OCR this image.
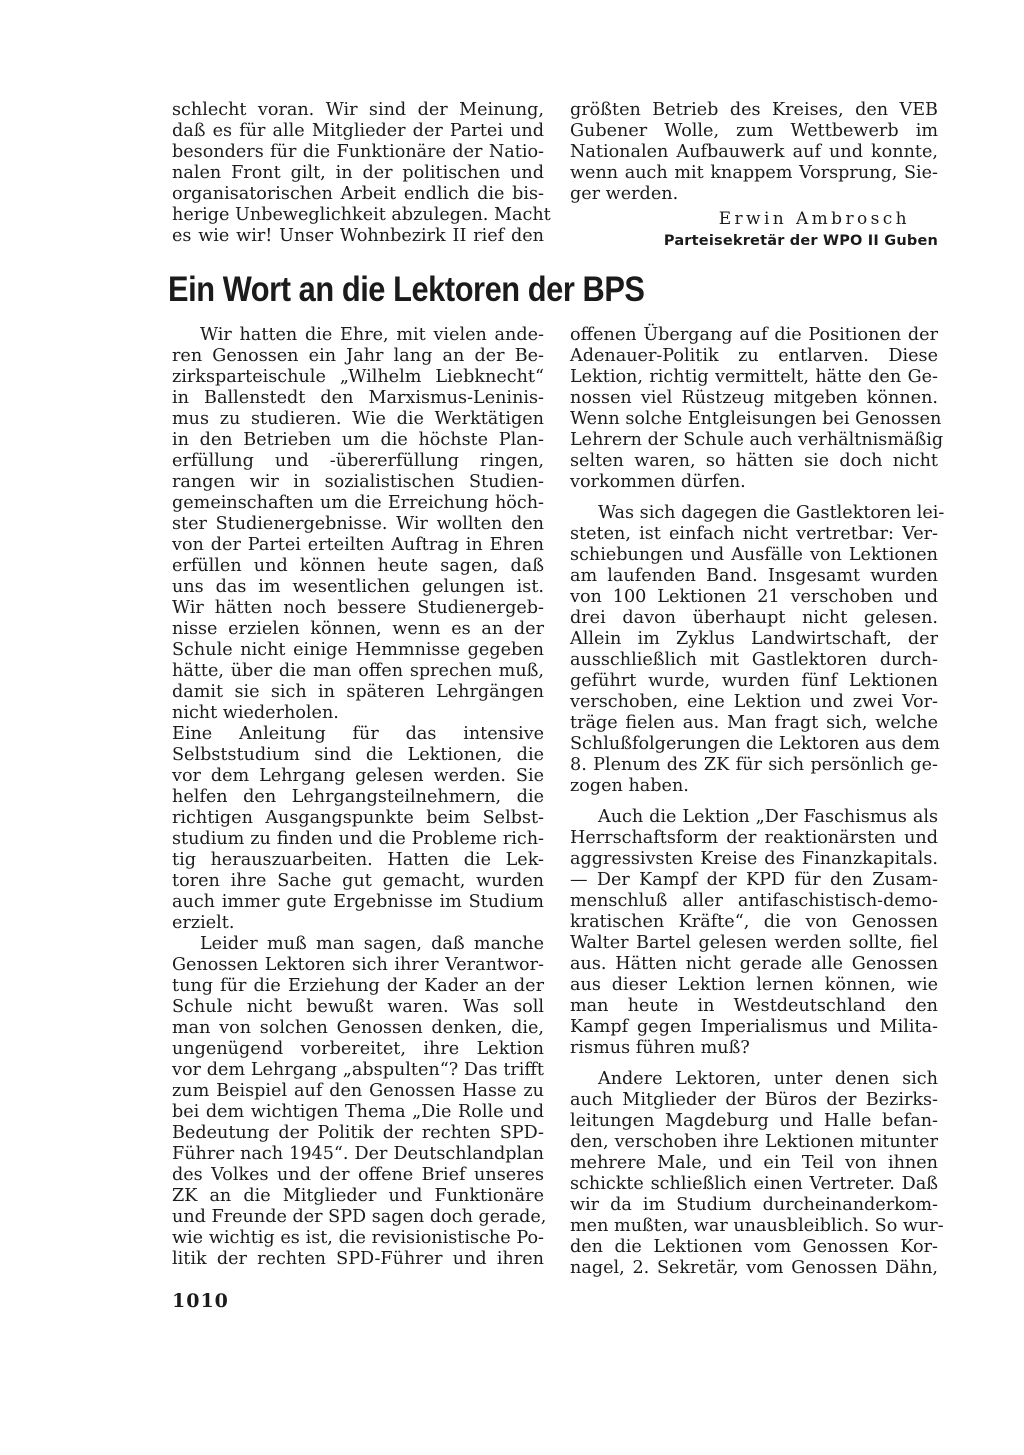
schlecht voran. Wir sind der Meinung,
daß es für alle Mitglieder der Partei und
besonders für die Funktionäre der Natio-
nalen Front gilt, in der politischen und
organisatorischen Arbeit endlich die bis-
herige Unbeweglichkeit abzulegen. Macht
es wie wir! Unser Wohnbezirk II rief den

größten Betrieb des Kreises, den VEB
Gubener Wolle, zum Wettbewerb im
Nationalen Aufbauwerk auf und konnte,
wenn auch mit knappem Vorsprung, Sie-
ger werden.

Erwin Ambrosch
Parteisekretär der WPO II Guben
Ein Wort an die Lektoren der BPS

Wir hatten die Ehre, mit vielen ande-
ren Genossen ein Jahr lang an der Be-
zirksparteischule „Wilhelm Liebknecht“
in Ballenstedt den Marxismus-Leninis-
mus zu studieren. Wie die Werktätigen
in den Betrieben um die höchste Plan-
erfüllung und -übererfüllung ringen,
rangen wir in sozialistischen Studien-
gemeinschaften um die Erreichung höch-
ster Studienergebnisse. Wir wollten den
von der Partei erteilten Auftrag in Ehren
erfüllen und können heute sagen, daß
uns das im wesentlichen gelungen ist.
Wir hätten noch bessere Studienergeb-
nisse erzielen können, wenn es an der
Schule nicht einige Hemmnisse gegeben
hätte, über die man offen sprechen muß,
damit sie sich in späteren Lehrgängen
nicht wiederholen.

Eine Anleitung für das intensive
Selbststudium sind die Lektionen, die
vor dem Lehrgang gelesen werden. Sie
helfen den Lehrgangsteilnehmern, die
richtigen Ausgangspunkte beim Selbst-
studium zu finden und die Probleme rich-
tig herauszuarbeiten. Hatten die Lek-
toren ihre Sache gut gemacht, wurden
auch immer gute Ergebnisse im Studium
erzielt.

Leider muß man sagen, daß manche
Genossen Lektoren sich ihrer Verantwor-
tung für die Erziehung der Kader an der
Schule nicht bewußt waren. Was soll
man von solchen Genossen denken, die,
ungenügend vorbereitet, ihre Lektion
vor dem Lehrgang „abspulten“? Das trifft
zum Beispiel auf den Genossen Hasse zu
bei dem wichtigen Thema „Die Rolle und
Bedeutung der Politik der rechten SPD-
Führer nach 1945“. Der Deutschlandplan
des Volkes und der offene Brief unseres
ZK an die Mitglieder und Funktionäre
und Freunde der SPD sagen doch gerade,
wie wichtig es ist, die revisionistische Po-
litik der rechten SPD-Führer und ihren

offenen Übergang auf die Positionen der
Adenauer-Politik zu entlarven. Diese
Lektion, richtig vermittelt, hätte den Ge-
nossen viel Rüstzeug mitgeben können.
Wenn solche Entgleisungen bei Genossen
Lehrern der Schule auch verhältnismäßig
selten waren, so hätten sie doch nicht
vorkommen dürfen.

Was sich dagegen die Gastlektoren lei-
steten, ist einfach nicht vertretbar: Ver-
schiebungen und Ausfälle von Lektionen
am laufenden Band. Insgesamt wurden
von 100 Lektionen 21 verschoben und
drei davon überhaupt nicht gelesen.
Allein im Zyklus Landwirtschaft, der
ausschließlich mit Gastlektoren durch-
geführt wurde, wurden fünf Lektionen
verschoben, eine Lektion und zwei Vor-
träge fielen aus. Man fragt sich, welche
Schlußfolgerungen die Lektoren aus dem
8. Plenum des ZK für sich persönlich ge-
zogen haben.

Auch die Lektion „Der Faschismus als
Herrschaftsform der reaktionärsten und
aggressivsten Kreise des Finanzkapitals.
— Der Kampf der KPD für den Zusam-
menschluß aller antifaschistisch-demo-
kratischen Kräfte“, die von Genossen
Walter Bartel gelesen werden sollte, fiel
aus. Hätten nicht gerade alle Genossen
aus dieser Lektion lernen können, wie
man heute in Westdeutschland den
Kampf gegen Imperialismus und Milita-
rismus führen muß?

Andere Lektoren, unter denen sich
auch Mitglieder der Büros der Bezirks-
leitungen Magdeburg und Halle befan-
den, verschoben ihre Lektionen mitunter
mehrere Male, und ein Teil von ihnen
schickte schließlich einen Vertreter. Daß
wir da im Studium durcheinanderkom-
men mußten, war unausbleiblich. So wur-
den die Lektionen vom Genossen Kor-
nagel, 2. Sekretär, vom Genossen Dähn,

1010
